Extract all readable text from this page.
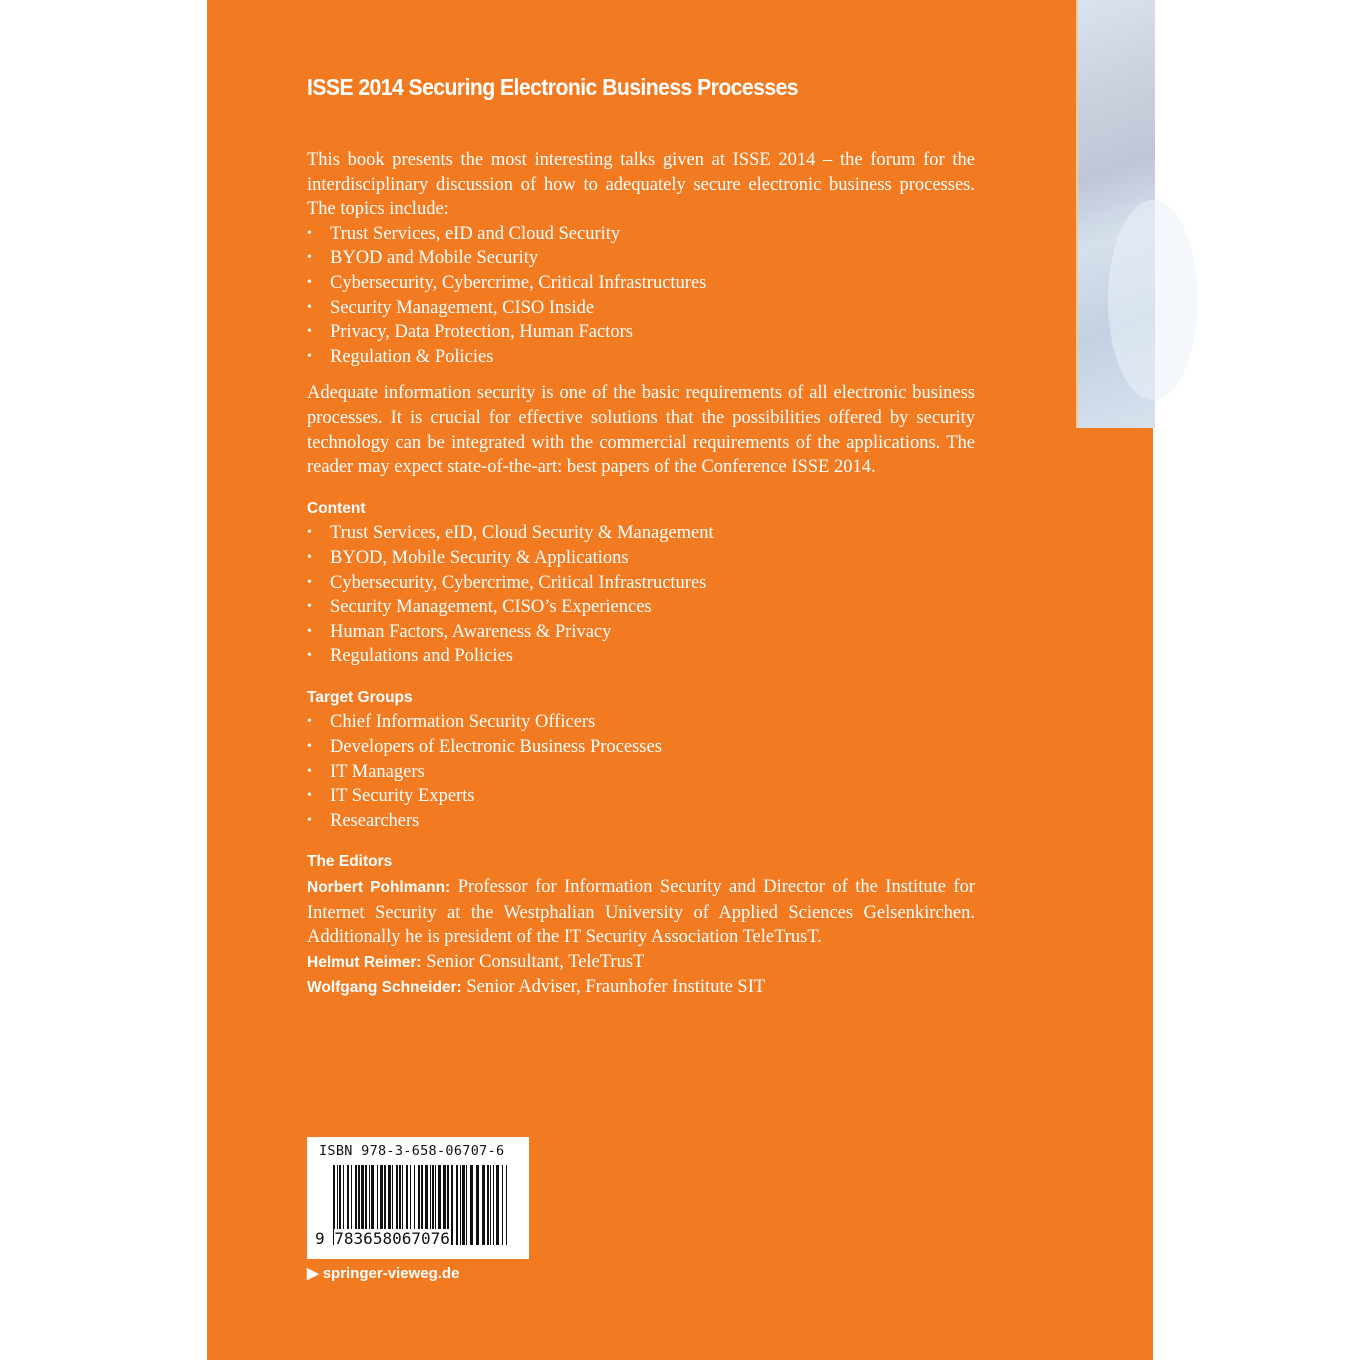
ISSE 2014 Securing Electronic Business Processes

This book presents the most interesting talks given at ISSE 2014 – the forum for the interdisciplinary discussion of how to adequately secure electronic business processes. The topics include:

• Trust Services, eID and Cloud Security
• BYOD and Mobile Security
• Cybersecurity, Cybercrime, Critical Infrastructures
• Security Management, CISO Inside
• Privacy, Data Protection, Human Factors
• Regulation & Policies

Adequate information security is one of the basic requirements of all electronic business processes. It is crucial for effective solutions that the possibilities offered by security technology can be integrated with the commercial requirements of the applications. The reader may expect state-of-the-art: best papers of the Conference ISSE 2014.

Content
• Trust Services, eID, Cloud Security & Management
• BYOD, Mobile Security & Applications
• Cybersecurity, Cybercrime, Critical Infrastructures
• Security Management, CISO’s Experiences
• Human Factors, Awareness & Privacy
• Regulations and Policies
Target Groups
• Chief Information Security Officers
• Developers of Electronic Business Processes
• IT Managers
• IT Security Experts
• Researchers
The Editors

Norbert Pohlmann: Professor for Information Security and Director of the Institute for Internet Security at the Westphalian University of Applied Sciences Gelsenkirchen. Additionally he is president of the IT Security Association TeleTrusT.

Helmut Reimer: Senior Consultant, TeleTrusT

Wolfgang Schneider: Senior Adviser, Fraunhofer Institute SIT

ISBN 978-3-658-06707-6
9 783658067076
▶ springer-vieweg.de
